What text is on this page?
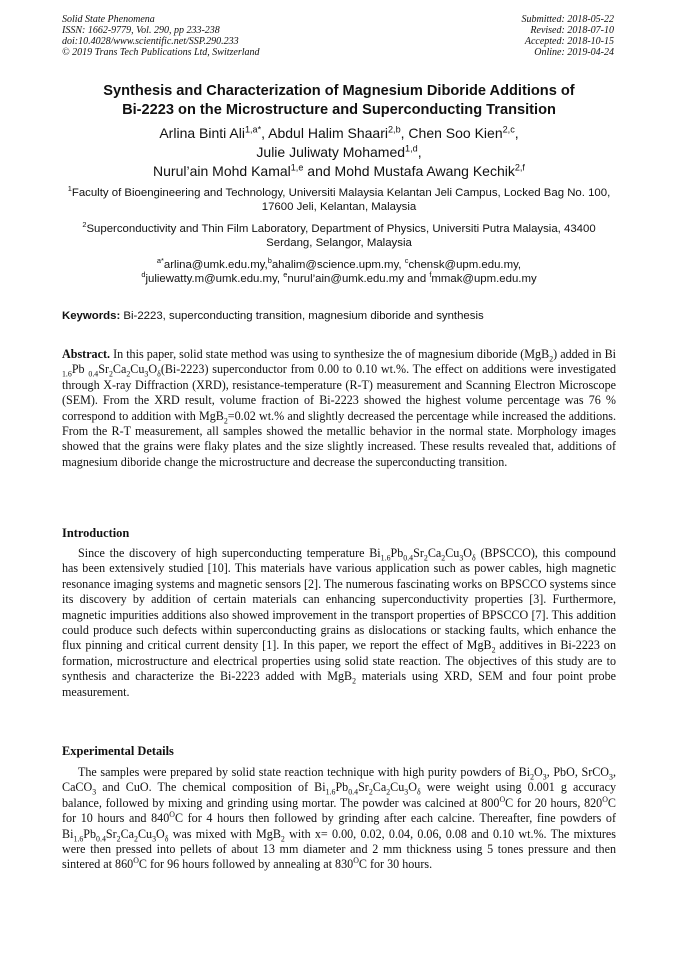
Solid State Phenomena
ISSN: 1662-9779, Vol. 290, pp 233-238
doi:10.4028/www.scientific.net/SSP.290.233
© 2019 Trans Tech Publications Ltd, Switzerland
Submitted: 2018-05-22
Revised: 2018-07-10
Accepted: 2018-10-15
Online: 2019-04-24
Synthesis and Characterization of Magnesium Diboride Additions of
Bi-2223 on the Microstructure and Superconducting Transition
Arlina Binti Ali$^{1,a*}$, Abdul Halim Shaari$^{2,b}$, Chen Soo Kien$^{2,c}$,
Julie Juliwaty Mohamed$^{1,d}$,
Nurul’ain Mohd Kamal$^{1,e}$ and Mohd Mustafa Awang Kechik$^{2,f}$
$^1$Faculty of Bioengineering and Technology, Universiti Malaysia Kelantan Jeli Campus, Locked Bag No. 100, 17600 Jeli, Kelantan, Malaysia
$^2$Superconductivity and Thin Film Laboratory, Department of Physics, Universiti Putra Malaysia, 43400 Serdang, Selangor, Malaysia
$^{a*}$arlina@umk.edu.my,$^b$ahalim@science.upm.my, $^c$chensk@upm.edu.my,
$^d$juliewatty.m@umk.edu.my, $^e$nurul’ain@umk.edu.my and $^f$mmak@upm.edu.my
Keywords: Bi-2223, superconducting transition, magnesium diboride and synthesis
Abstract. In this paper, solid state method was using to synthesize the of magnesium diboride (MgB$_2$) added in Bi $_{1.6}$Pb $_{0.4}Sr_2Ca_2Cu_3O_\delta(Bi-2223)$ superconductor from 0.00 to 0.10 wt.%. The effect on additions were investigated through X-ray Diffraction (XRD), resistance-temperature (R-T) measurement and Scanning Electron Microscope (SEM). From the XRD result, volume fraction of Bi-2223 showed the highest volume percentage was 76 % correspond to addition with MgB$_2$=0.02 wt.% and slightly decreased the percentage while increased the additions. From the R-T measurement, all samples showed the metallic behavior in the normal state. Morphology images showed that the grains were flaky plates and the size slightly increased. These results revealed that, additions of magnesium diboride change the microstructure and decrease the superconducting transition.
Introduction
Since the discovery of high superconducting temperature $Bi_{1.6}Pb_{0.4}Sr_2Ca_2Cu_3O_\delta$ (BPSCCO), this compound has been extensively studied [10]. This materials have various application such as power cables, high magnetic resonance imaging systems and magnetic sensors [2]. The numerous fascinating works on BPSCCO systems since its discovery by addition of certain materials can enhancing superconductivity properties [3]. Furthermore, magnetic impurities additions also showed improvement in the transport properties of BPSCCO [7]. This addition could produce such defects within superconducting grains as dislocations or stacking faults, which enhance the flux pinning and critical current density [1]. In this paper, we report the effect of MgB$_2$ additives in Bi-2223 on formation, microstructure and electrical properties using solid state reaction. The objectives of this study are to synthesis and characterize the Bi-2223 added with MgB$_2$ materials using XRD, SEM and four point probe measurement.
Experimental Details
The samples were prepared by solid state reaction technique with high purity powders of $Bi_2O_3$, PbO, SrCO$_3$, CaCO$_3$ and CuO. The chemical composition of $Bi_{1.6}Pb_{0.4}Sr_2Ca_2Cu_3O_\delta$ were weight using 0.001 g accuracy balance, followed by mixing and grinding using mortar. The powder was calcined at $800^OC$ for 20 hours, $820^OC$ for 10 hours and $840^OC$ for 4 hours then followed by grinding after each calcine. Thereafter, fine powders of $Bi_{1.6}Pb_{0.4}Sr_2Ca_2Cu_3O_\delta$ was mixed with MgB$_2$ with x= 0.00, 0.02, 0.04, 0.06, 0.08 and 0.10 wt.%. The mixtures were then pressed into pellets of about 13 mm diameter and 2 mm thickness using 5 tones pressure and then sintered at $860^OC$ for 96 hours followed by annealing at $830^OC$ for 30 hours.
